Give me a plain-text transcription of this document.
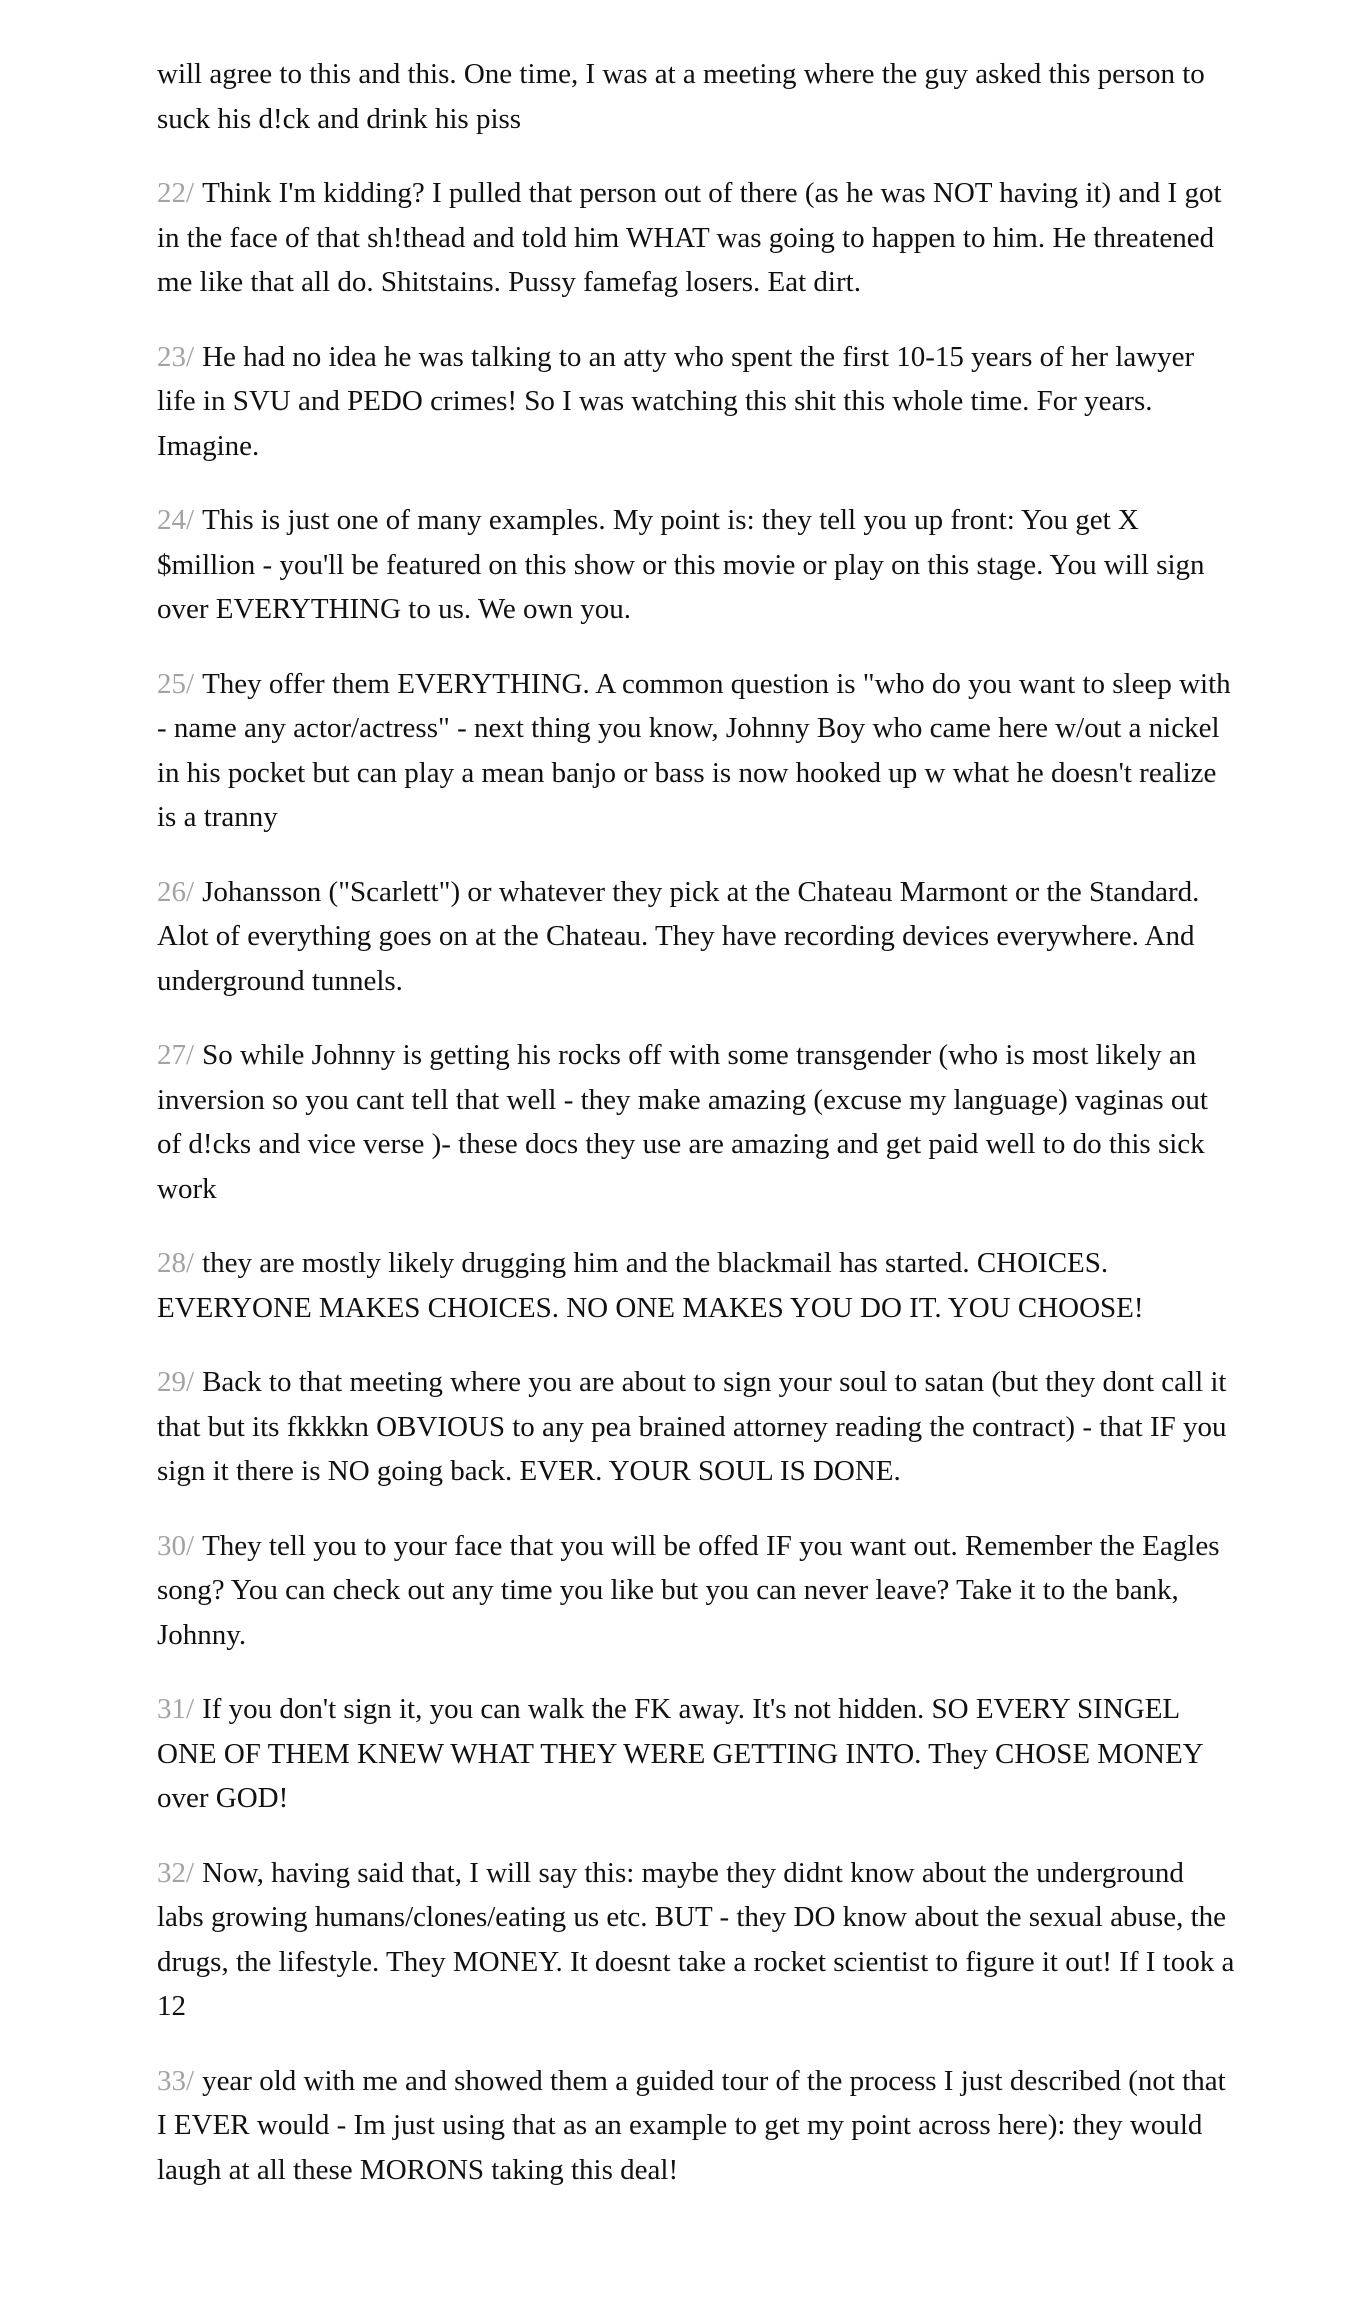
will agree to this and this. One time, I was at a meeting where the guy asked this person to suck his d!ck and drink his piss

22/ Think I'm kidding? I pulled that person out of there (as he was NOT having it) and I got in the face of that sh!thead and told him WHAT was going to happen to him. He threatened me like that all do. Shitstains. Pussy famefag losers. Eat dirt.

23/ He had no idea he was talking to an atty who spent the first 10-15 years of her lawyer life in SVU and PEDO crimes! So I was watching this shit this whole time. For years. Imagine.

24/ This is just one of many examples. My point is: they tell you up front: You get X $million - you'll be featured on this show or this movie or play on this stage. You will sign over EVERYTHING to us. We own you.

25/ They offer them EVERYTHING. A common question is "who do you want to sleep with - name any actor/actress" - next thing you know, Johnny Boy who came here w/out a nickel in his pocket but can play a mean banjo or bass is now hooked up w what he doesn't realize is a tranny

26/ Johansson ("Scarlett") or whatever they pick at the Chateau Marmont or the Standard. Alot of everything goes on at the Chateau. They have recording devices everywhere. And underground tunnels.

27/ So while Johnny is getting his rocks off with some transgender (who is most likely an inversion so you cant tell that well - they make amazing (excuse my language) vaginas out of d!cks and vice verse )- these docs they use are amazing and get paid well to do this sick work

28/ they are mostly likely drugging him and the blackmail has started. CHOICES. EVERYONE MAKES CHOICES. NO ONE MAKES YOU DO IT. YOU CHOOSE!

29/ Back to that meeting where you are about to sign your soul to satan (but they dont call it that but its fkkkkn OBVIOUS to any pea brained attorney reading the contract) - that IF you sign it there is NO going back. EVER. YOUR SOUL IS DONE.

30/ They tell you to your face that you will be offed IF you want out. Remember the Eagles song? You can check out any time you like but you can never leave? Take it to the bank, Johnny.

31/ If you don't sign it, you can walk the FK away. It's not hidden. SO EVERY SINGEL ONE OF THEM KNEW WHAT THEY WERE GETTING INTO. They CHOSE MONEY over GOD!

32/ Now, having said that, I will say this: maybe they didnt know about the underground labs growing humans/clones/eating us etc. BUT - they DO know about the sexual abuse, the drugs, the lifestyle. They MONEY. It doesnt take a rocket scientist to figure it out! If I took a 12

33/ year old with me and showed them a guided tour of the process I just described (not that I EVER would - Im just using that as an example to get my point across here): they would laugh at all these MORONS taking this deal!
